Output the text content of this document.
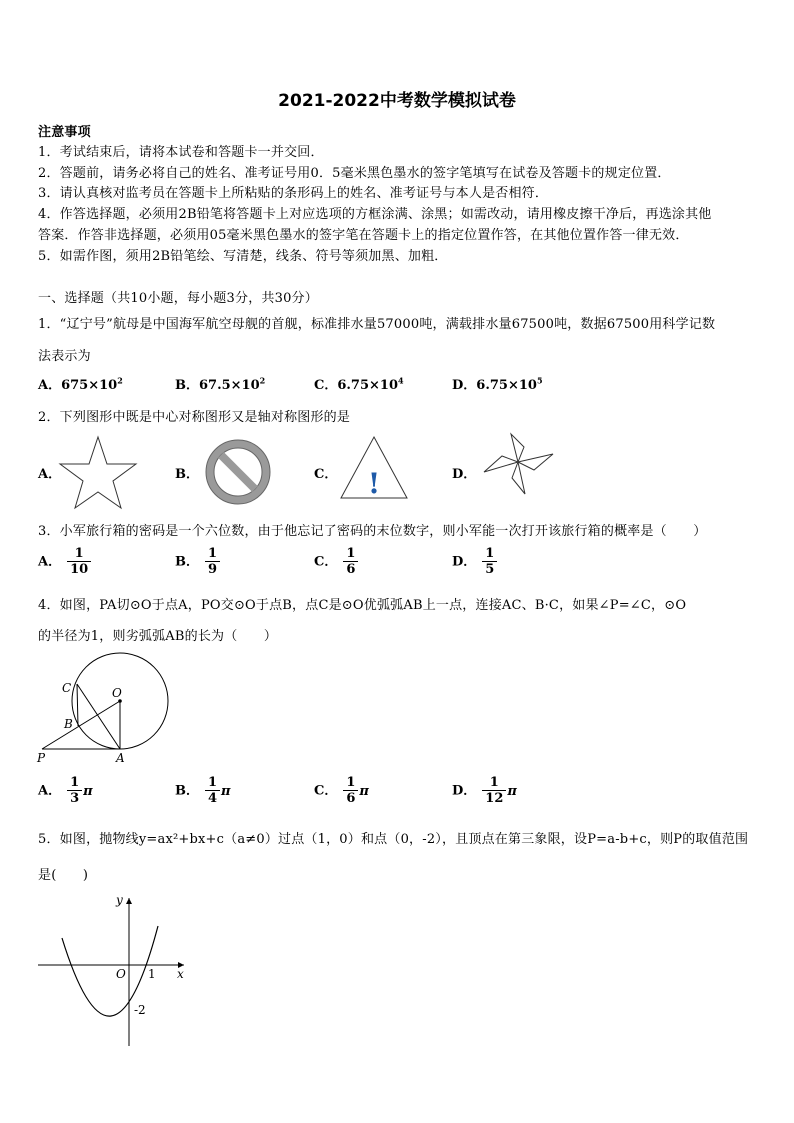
2021-2022中考数学模拟试卷
注意事项
1．考试结束后，请将本试卷和答题卡一并交回．
2．答题前，请务必将自己的姓名、准考证号用0．5毫米黑色墨水的签字笔填写在试卷及答题卡的规定位置．
3．请认真核对监考员在答题卡上所粘贴的条形码上的姓名、准考证号与本人是否相符．
4．作答选择题，必须用2B铅笔将答题卡上对应选项的方框涂满、涂黑；如需改动，请用橡皮擦干净后，再选涂其他
答案．作答非选择题，必须用05毫米黑色墨水的签字笔在答题卡上的指定位置作答，在其他位置作答一律无效．
5．如需作图，须用2B铅笔绘、写清楚，线条、符号等须加黑、加粗．
一、选择题（共10小题，每小题3分，共30分）
1．“辽宁号”航母是中国海军航空母舰的首舰，标准排水量57000吨，满载排水量67500吨，数据67500用科学记数
法表示为
A．$675\times 10^2$	B．$67.5\times 10^2$	C．$6.75\times 10^4$	D．$6.75\times 10^5$
2．下列图形中既是中心对称图形又是轴对称图形的是
A．	B．	C． !	D．
3．小军旅行箱的密码是一个六位数，由于他忘记了密码的末位数字，则小军能一次打开该旅行箱的概率是（　　）
A． $\frac{1}{10}$	B． $\frac{1}{9}$	C． $\frac{1}{6}$	D． $\frac{1}{5}$
4．如图，PA切⊙O于点A，PO交⊙O于点B，点C是⊙O优弧弧AB上一点，连接AC、B·C，如果∠P=∠C，⊙O
的半径为1，则劣弧弧AB的长为（　　）
C	O
B
P	A
A． $\frac{1}{3}$ π	B． $\frac{1}{4}$ π	C． $\frac{1}{6}$ π	D． $\frac{1}{12}$ π
5．如图，抛物线y=ax²+bx+c（a≠0）过点（1，0）和点（0，-2），且顶点在第三象限，设P=a-b+c，则P的取值范围
是(　　)
y
x
O 1
-2
